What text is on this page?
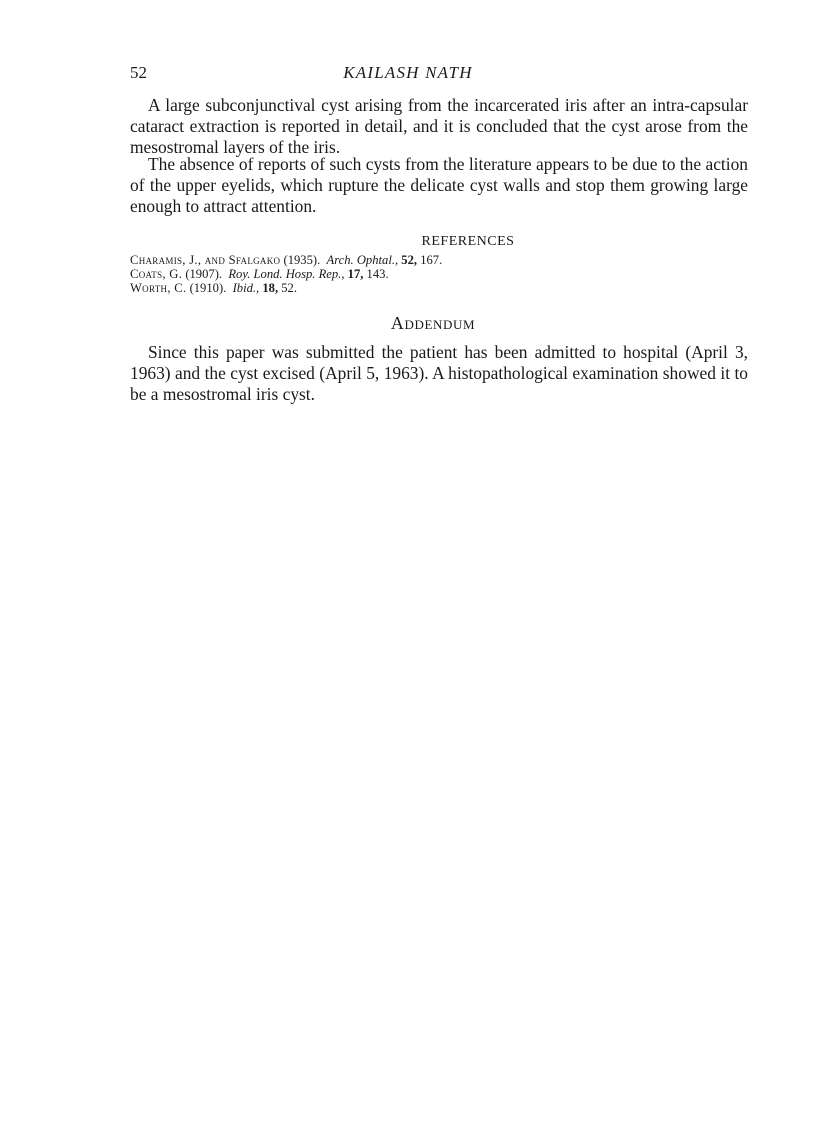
52	KAILASH NATH

A large subconjunctival cyst arising from the incarcerated iris after an intra-capsular cataract extraction is reported in detail, and it is concluded that the cyst arose from the mesostromal layers of the iris.

The absence of reports of such cysts from the literature appears to be due to the action of the upper eyelids, which rupture the delicate cyst walls and stop them growing large enough to attract attention.

REFERENCES
Charamis, J., and Sfalgako (1935). Arch. Ophtal., 52, 167.
Coats, G. (1907). Roy. Lond. Hosp. Rep., 17, 143.
Worth, C. (1910). Ibid., 18, 52.
Addendum

Since this paper was submitted the patient has been admitted to hospital (April 3, 1963) and the cyst excised (April 5, 1963). A histopathological examination showed it to be a mesostromal iris cyst.
